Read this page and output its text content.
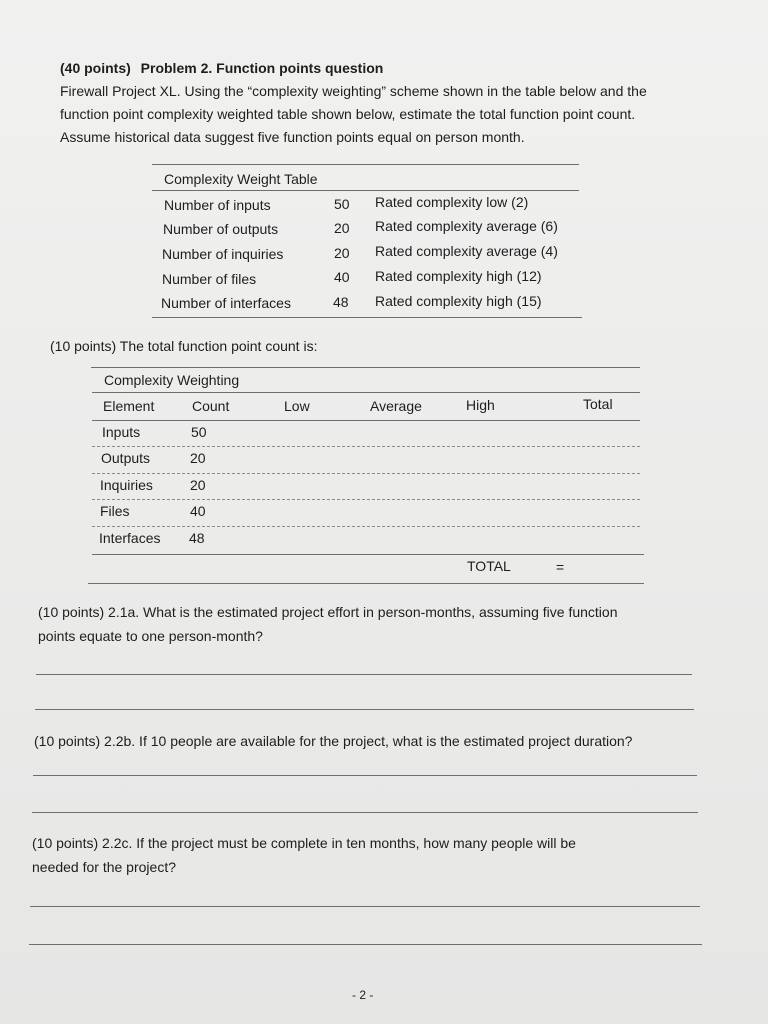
(40 points) Problem 2. Function points question
Firewall Project XL. Using the “complexity weighting” scheme shown in the table below and the
function point complexity weighted table shown below, estimate the total function point count.
Assume historical data suggest five function points equal on person month.
Complexity Weight Table
Number of inputs	50 Rated complexity low (2)
Number of outputs	20 Rated complexity average (6)
Number of inquiries	20 Rated complexity average (4)
Number of files	40 Rated complexity high (12)
Number of interfaces	48 Rated complexity high (15)
(10 points) The total function point count is:
Complexity Weighting
Element	Count	Low	Average	High	Total
Inputs	50
Outputs	20
Inquiries	20
Files	40
Interfaces 48
TOTAL	=
(10 points) 2.1a. What is the estimated project effort in person-months, assuming five function
points equate to one person-month?
(10 points) 2.2b. If 10 people are available for the project, what is the estimated project duration?
(10 points) 2.2c. If the project must be complete in ten months, how many people will be
needed for the project?
- 2 -
